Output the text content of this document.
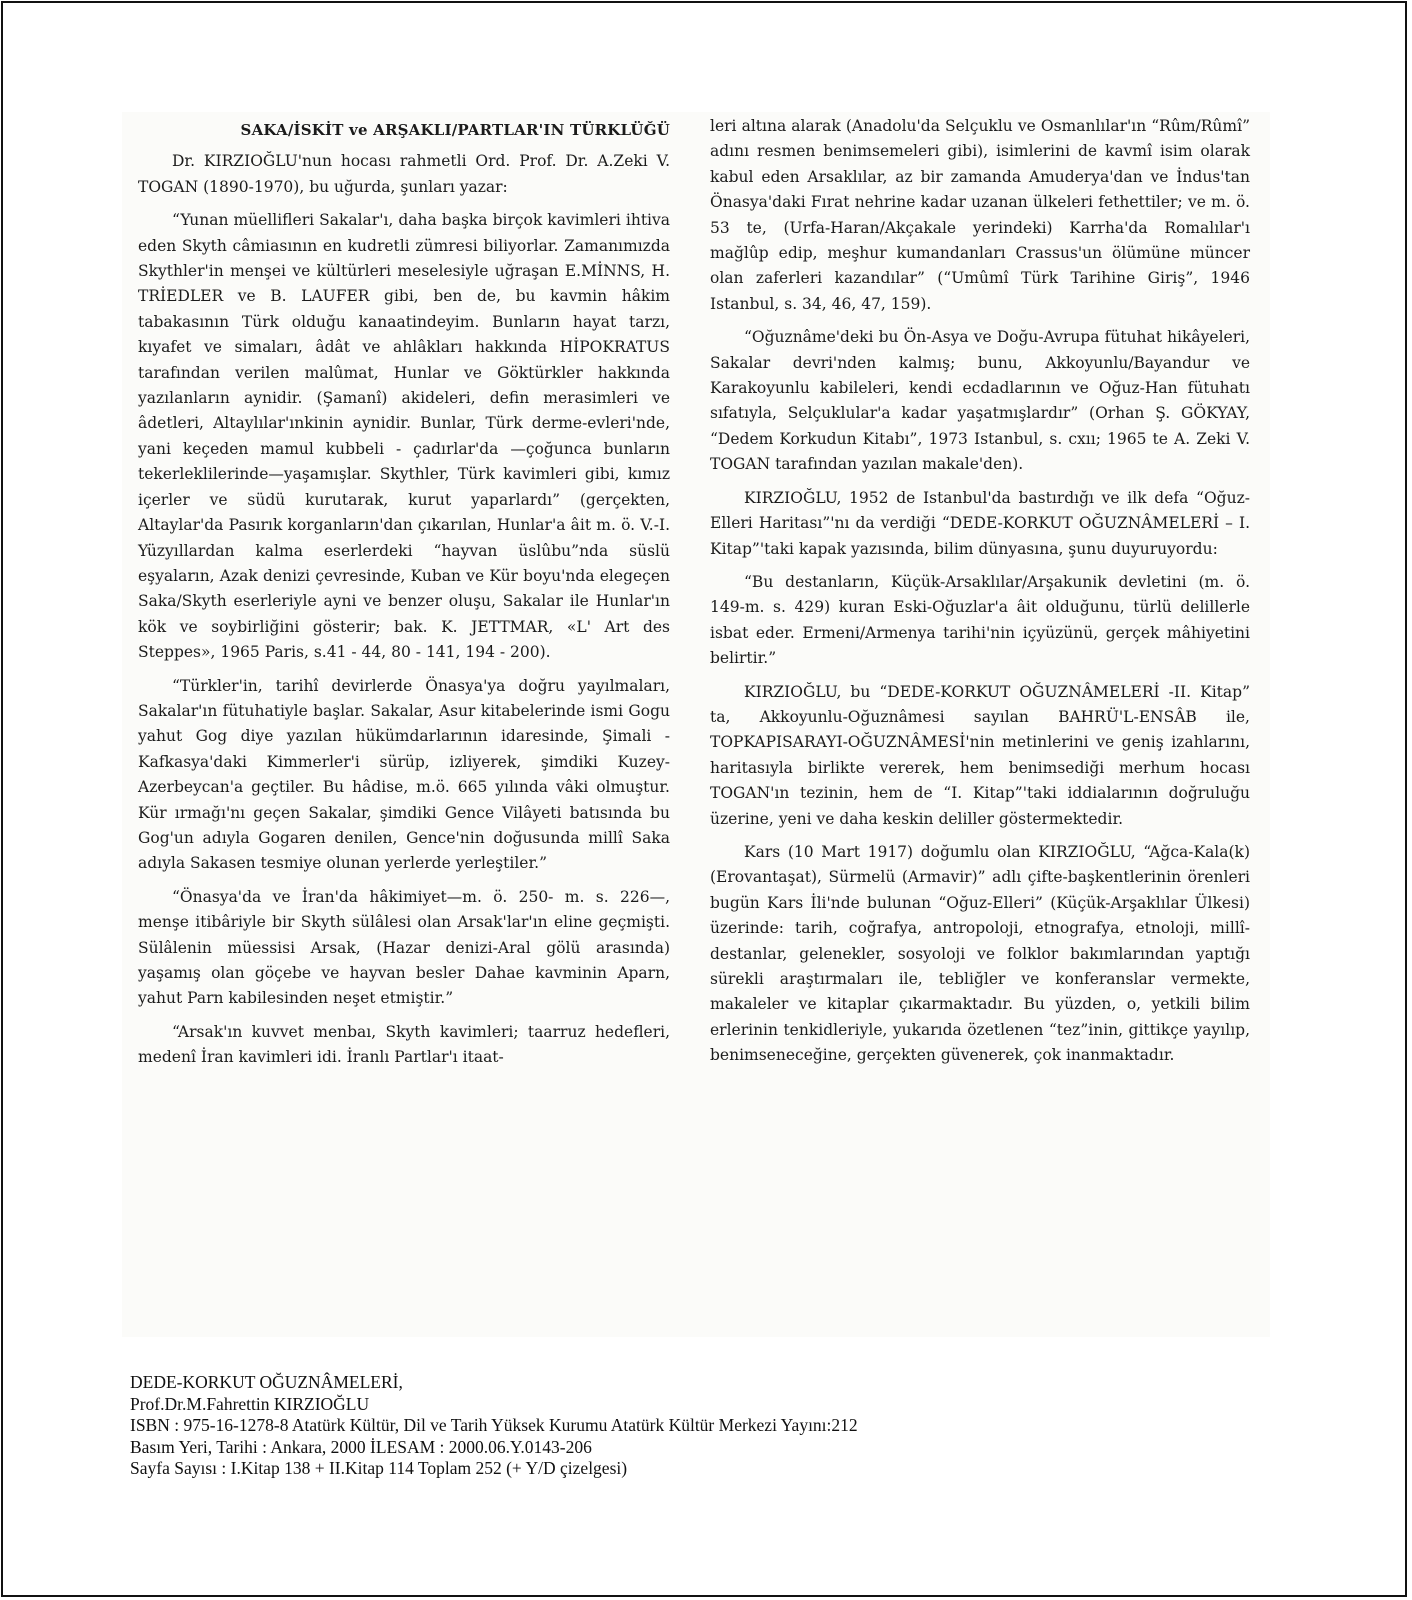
SAKA/İSKİT ve ARŞAKLI/PARTLAR'IN TÜRKLÜĞÜ

Dr. KIRZIOĞLU'nun hocası rahmetli Ord. Prof. Dr. A.Zeki V. TOGAN (1890-1970), bu uğurda, şunları yazar:

“Yunan müellifleri Sakalar'ı, daha başka birçok kavimleri ihtiva eden Skyth câmiasının en kudretli zümresi biliyorlar. Zamanımızda Skythler'in menşei ve kültürleri meselesiyle uğraşan E.MİNNS, H. TRİEDLER ve B. LAUFER gibi, ben de, bu kavmin hâkim tabakasının Türk olduğu kanaatindeyim. Bunların hayat tarzı, kıyafet ve simaları, âdât ve ahlâkları hakkında HİPOKRATUS tarafından verilen malûmat, Hunlar ve Göktürkler hakkında yazılanların aynidir. (Şamanî) akideleri, defin merasimleri ve âdetleri, Altaylılar'ınkinin aynidir. Bunlar, Türk derme-evleri'nde, yani keçeden mamul kubbeli - çadırlar'da —çoğunca bunların tekerleklilerinde—yaşamışlar. Skythler, Türk kavimleri gibi, kımız içerler ve südü kurutarak, kurut yaparlardı” (gerçekten, Altaylar'da Pasırık korganların'dan çıkarılan, Hunlar'a âit m. ö. V.-I. Yüzyıllardan kalma eserlerdeki “hayvan üslûbu”nda süslü eşyaların, Azak denizi çevresinde, Kuban ve Kür boyu'nda elegeçen Saka/Skyth eserleriyle ayni ve benzer oluşu, Sakalar ile Hunlar'ın kök ve soybirliğini gösterir; bak. K. JETTMAR, «L' Art des Steppes», 1965 Paris, s.41 - 44, 80 - 141, 194 - 200).

“Türkler'in, tarihî devirlerde Önasya'ya doğru yayılmaları, Sakalar'ın fütuhatiyle başlar. Sakalar, Asur kitabelerinde ismi Gogu yahut Gog diye yazılan hükümdarlarının idaresinde, Şimali - Kafkasya'daki Kimmerler'i sürüp, izliyerek, şimdiki Kuzey-Azerbeycan'a geçtiler. Bu hâdise, m.ö. 665 yılında vâki olmuştur. Kür ırmağı'nı geçen Sakalar, şimdiki Gence Vilâyeti batısında bu Gog'un adıyla Gogaren denilen, Gence'nin doğusunda millî Saka adıyla Sakasen tesmiye olunan yerlerde yerleştiler.”

“Önasya'da ve İran'da hâkimiyet—m. ö. 250- m. s. 226—, menşe itibâriyle bir Skyth sülâlesi olan Arsak'lar'ın eline geçmişti. Sülâlenin müessisi Arsak, (Hazar denizi-Aral gölü arasında) yaşamış olan göçebe ve hayvan besler Dahae kavminin Aparn, yahut Parn kabilesinden neşet etmiştir.”

“Arsak'ın kuvvet menbaı, Skyth kavimleri; taarruz hedefleri, medenî İran kavimleri idi. İranlı Partlar'ı itaat-

leri altına alarak (Anadolu'da Selçuklu ve Osmanlılar'ın “Rûm/Rûmî” adını resmen benimsemeleri gibi), isimlerini de kavmî isim olarak kabul eden Arsaklılar, az bir zamanda Amuderya'dan ve İndus'tan Önasya'daki Fırat nehrine kadar uzanan ülkeleri fethettiler; ve m. ö. 53 te, (Urfa-Haran/Akçakale yerindeki) Karrha'da Romalılar'ı mağlûp edip, meşhur kumandanları Crassus'un ölümüne müncer olan zaferleri kazandılar” (“Umûmî Türk Tarihine Giriş”, 1946 Istanbul, s. 34, 46, 47, 159).

“Oğuznâme'deki bu Ön-Asya ve Doğu-Avrupa fütuhat hikâyeleri, Sakalar devri'nden kalmış; bunu, Akkoyunlu/Bayandur ve Karakoyunlu kabileleri, kendi ecdadlarının ve Oğuz-Han fütuhatı sıfatıyla, Selçuklular'a kadar yaşatmışlardır” (Orhan Ş. GÖKYAY, “Dedem Korkudun Kitabı”, 1973 Istanbul, s. cxıı; 1965 te A. Zeki V. TOGAN tarafından yazılan makale'den).

KIRZIOĞLU, 1952 de Istanbul'da bastırdığı ve ilk defa “Oğuz-Elleri Haritası”'nı da verdiği “DEDE-KORKUT OĞUZNÂMELERİ – I. Kitap”'taki kapak yazısında, bilim dünyasına, şunu duyuruyordu:

“Bu destanların, Küçük-Arsaklılar/Arşakunik devletini (m. ö. 149-m. s. 429) kuran Eski-Oğuzlar'a âit olduğunu, türlü delillerle isbat eder. Ermeni/Armenya tarihi'nin içyüzünü, gerçek mâhiyetini belirtir.”

KIRZIOĞLU, bu “DEDE-KORKUT OĞUZNÂMELERİ -II. Kitap” ta, Akkoyunlu-Oğuznâmesi sayılan BAHRÜ'L-ENSÂB ile, TOPKAPISARAYI-OĞUZNÂMESİ'nin metinlerini ve geniş izahlarını, haritasıyla birlikte vererek, hem benimsediği merhum hocası TOGAN'ın tezinin, hem de “I. Kitap”'taki iddialarının doğruluğu üzerine, yeni ve daha keskin deliller göstermektedir.

Kars (10 Mart 1917) doğumlu olan KIRZIOĞLU, “Ağca-Kala(k) (Erovantaşat), Sürmelü (Armavir)” adlı çifte-başkentlerinin örenleri bugün Kars İli'nde bulunan “Oğuz-Elleri” (Küçük-Arşaklılar Ülkesi) üzerinde: tarih, coğrafya, antropoloji, etnografya, etnoloji, millî-destanlar, gelenekler, sosyoloji ve folklor bakımlarından yaptığı sürekli araştırmaları ile, tebliğler ve konferanslar vermekte, makaleler ve kitaplar çıkarmaktadır. Bu yüzden, o, yetkili bilim erlerinin tenkidleriyle, yukarıda özetlenen “tez”inin, gittikçe yayılıp, benimseneceğine, gerçekten güvenerek, çok inanmaktadır.

DEDE-KORKUT OĞUZNÂMELERİ,
Prof.Dr.M.Fahrettin KIRZIOĞLU
ISBN : 975-16-1278-8 Atatürk Kültür, Dil ve Tarih Yüksek Kurumu Atatürk Kültür Merkezi Yayını:212
Basım Yeri, Tarihi : Ankara, 2000 İLESAM : 2000.06.Y.0143-206
Sayfa Sayısı : I.Kitap 138 + II.Kitap 114 Toplam 252 (+ Y/D çizelgesi)
